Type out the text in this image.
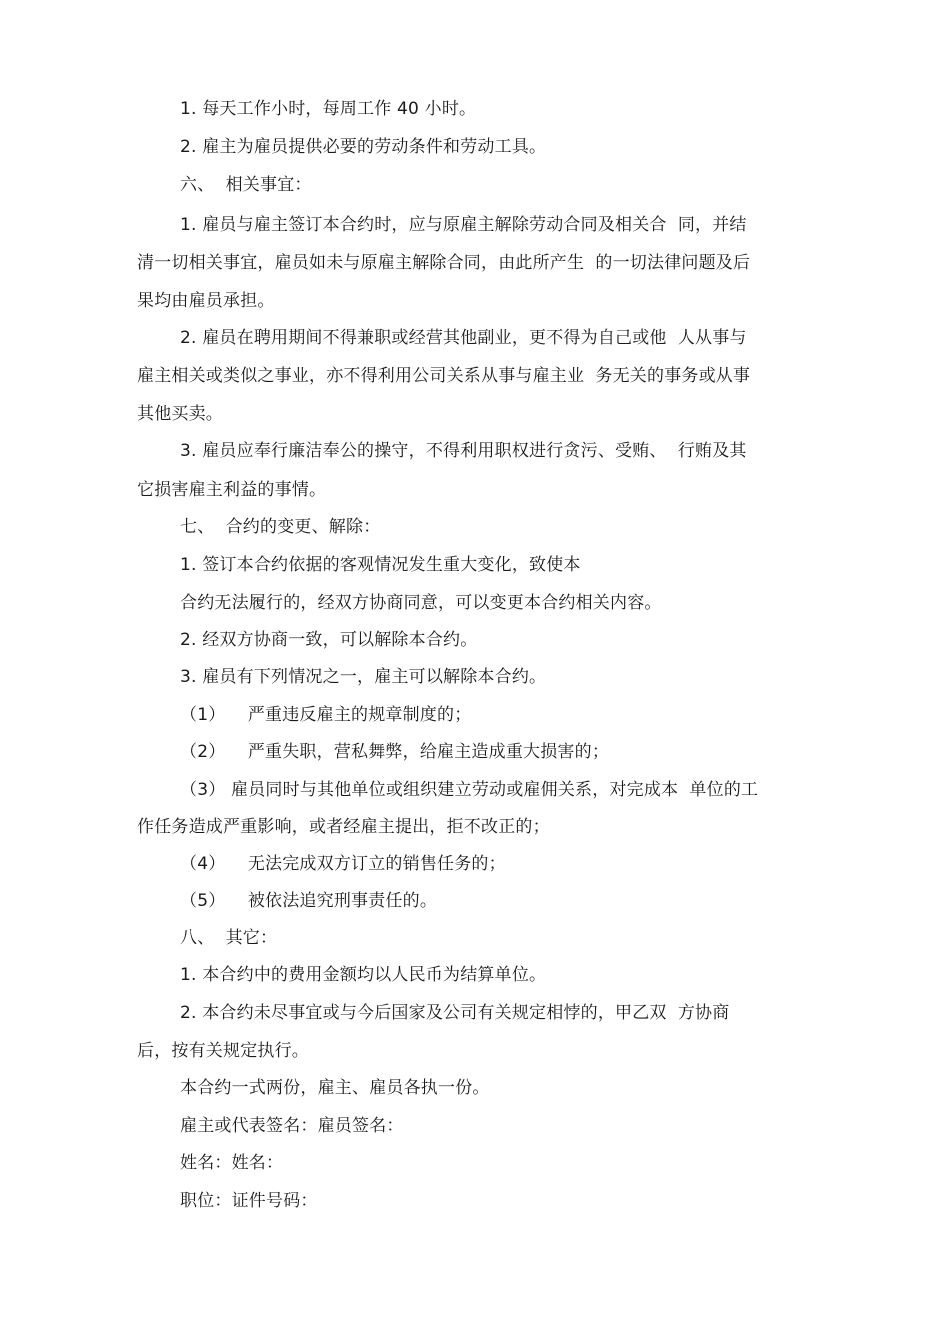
1. 每天工作小时，每周工作 40 小时。
2. 雇主为雇员提供必要的劳动条件和劳动工具。
六、  相关事宜：
1. 雇员与雇主签订本合约时，应与原雇主解除劳动合同及相关合  同，并结
清一切相关事宜，雇员如未与原雇主解除合同，由此所产生  的一切法律问题及后
果均由雇员承担。
2. 雇员在聘用期间不得兼职或经营其他副业，更不得为自己或他  人从事与
雇主相关或类似之事业，亦不得利用公司关系从事与雇主业  务无关的事务或从事
其他买卖。
3. 雇员应奉行廉洁奉公的操守，不得利用职权进行贪污、受贿、  行贿及其
它损害雇主利益的事情。
七、  合约的变更、解除：
1. 签订本合约依据的客观情况发生重大变化，致使本
合约无法履行的，经双方协商同意，可以变更本合约相关内容。
2. 经双方协商一致，可以解除本合约。
3. 雇员有下列情况之一，雇主可以解除本合约。
（1）    严重违反雇主的规章制度的；
（2）    严重失职，营私舞弊，给雇主造成重大损害的；
（3） 雇员同时与其他单位或组织建立劳动或雇佣关系，对完成本  单位的工
作任务造成严重影响，或者经雇主提出，拒不改正的；
（4）    无法完成双方订立的销售任务的；
（5）    被依法追究刑事责任的。
八、  其它：
1. 本合约中的费用金额均以人民币为结算单位。
2. 本合约未尽事宜或与今后国家及公司有关规定相悖的，甲乙双  方协商
后，按有关规定执行。
本合约一式两份，雇主、雇员各执一份。
雇主或代表签名：雇员签名：
姓名：姓名：
职位：证件号码：
